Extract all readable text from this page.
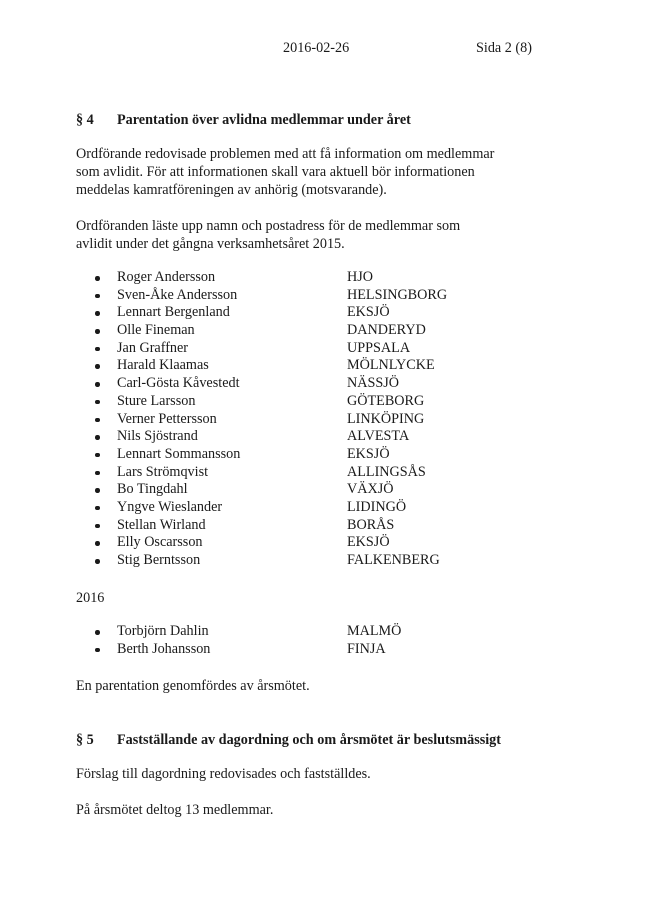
2016-02-26	Sida 2 (8)
§ 4 Parentation över avlidna medlemmar under året
Ordförande redovisade problemen med att få information om medlemmar
som avlidit. För att informationen skall vara aktuell bör informationen
meddelas kamratföreningen av anhörig (motsvarande).
Ordföranden läste upp namn och postadress för de medlemmar som
avlidit under det gångna verksamhetsåret 2015.
Roger Andersson	HJO
Sven-Åke Andersson	HELSINGBORG
Lennart Bergenland	EKSJÖ
Olle Fineman	DANDERYD
Jan Graffner	UPPSALA
Harald Klaamas	MÖLNLYCKE
Carl-Gösta Kåvestedt	NÄSSJÖ
Sture Larsson	GÖTEBORG
Verner Pettersson	LINKÖPING
Nils Sjöstrand	ALVESTA
Lennart Sommansson	EKSJÖ
Lars Strömqvist	ALLINGSÅS
Bo Tingdahl	VÄXJÖ
Yngve Wieslander	LIDINGÖ
Stellan Wirland	BORÅS
Elly Oscarsson	EKSJÖ
Stig Berntsson	FALKENBERG
2016
Torbjörn Dahlin	MALMÖ
Berth Johansson	FINJA
En parentation genomfördes av årsmötet.
§ 5 Fastställande av dagordning och om årsmötet är beslutsmässigt
Förslag till dagordning redovisades och fastställdes.
På årsmötet deltog 13 medlemmar.
